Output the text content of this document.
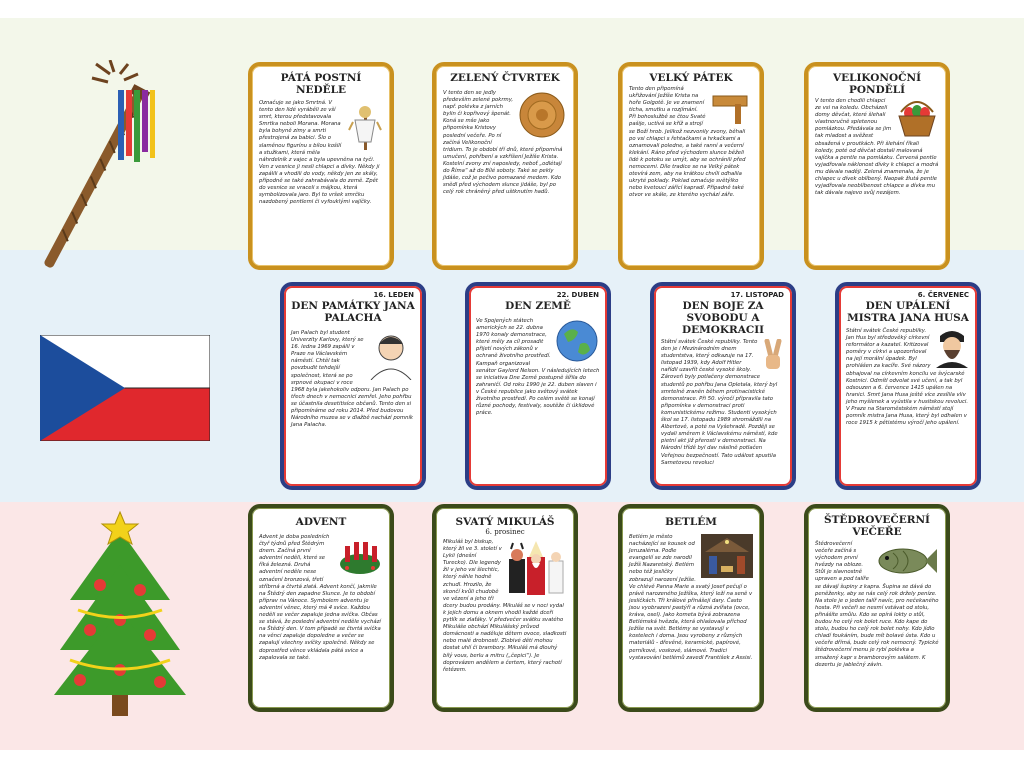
PÁTÁ POSTNÍ NEDĚLE
Označuje se jako Smrtná. V tento den lidé vyráběli ze vší smrt, kterou představovala Smrtka neboli Morana. Morana byla bohyně zimy a smrti přestrojená za babici. Šlo o slaměnou figurínu s bílou košilí a stužkami, která měla náhrdelník z vajec a byla upevněna na tyči. Ven z vesnice ji nesli chlapci a dívky. Někdy ji zapálili a vhodili do vody, někdy jen ze skály, přípodně se také zahrabávala do země. Zpět do vesnice se vraceli s májkou, která symbolizovala jaro. Byl to vršek smrčku nazdobený pentlemi či vyfouklými vajíčky.
ZELENÝ ČTVRTEK
V tento den se jedly především zelené pokrmy, např. polévka z jarních bylin či kopřivový špenát. Koná se mše jako připomínka Kristovy poslední večeře. Po ní začíná Velikonoční tridium. To je období tří dnů, které připomíná umučení, pohřbení a vzkříšení Ježíše Krista. Kostelní zvony zní naposledy, neboť „odlétají do Říma“ až do Bílé soboty. Také se pekly jidáše, což je pečivo pomazané medem. Kdo snědl před východem slunce jidáše, byl po celý rok chráněný před uštknutím hadů.
VELKÝ PÁTEK
Tento den připomíná ukřižování Ježíše Krista na hoře Golgotě. Je ve znamení ticha, smutku a rozjímání. Při bohoslužbě se čtou Svaté pašije, uctívá se kříž a strojí se Boží hrob. Jelikož nezvonily zvony, běhali po vsi chlapci s řehtačkami a hrkačkami a oznamovali poledne, a také ranní a večerní klekání. Ráno před východem slunce běželi lidé k potoku se umýt, aby se ochránili před nemocemi. Díle tradice se na Velký pátek otevírá zem, aby na krátkou chvíli odhalila ukryté poklady. Poklad označuje světýlko nebo kvetoucí zářící kapradí. Případně také otvor ve skále, ze kterého vychází záře.
VELIKONOČNÍ PONDĚLÍ
V tento den chodili chlapci ze vsi na koledu. Obcházeli domy děvčat, které šlehali vlastnoručně spletenou pomlázkou. Předávala se jim tak mladost a svěžest obsažená v proutkách. Při šlehání říkali koledy, poté od děvčat dostali malovaná vajíčka a pentle na pomlázku. Červená pentle vyjadřovala náklonost dívky k chlapci a modrá mu dávala naději. Zelená znamenala, že je chlapec u dívek oblíbený. Naopak žlutá pentle vyjadřovala neoblíbenost chlapce a dívka mu tak dávala najevo svůj nezájem.
16. LEDEN
DEN PAMÁTKY JANA PALACHA
Jan Palach byl student Univerzity Karlovy, který se 16. ledna 1969 zapálil v Praze na Václavském náměstí. Chtěl tak povzbudit tehdejší společnost, která se po srpnové okupaci v roce 1968 byla jakehokoliv odporu. Jan Palach po třech dnech v nemocnici zemřel. Jeho pohřbu se účastnila desetitisíce občanů. Tento den si připomínáme od roku 2014. Před budovou Národního muzea se v dlažbě nachází pomník Jana Palacha.
22. DUBEN
DEN ZEMĚ
Ve Spojených státech amerických se 22. dubna 1970 konaly demonstrace, které měly za cíl prosadit přijetí nových zákonů v ochraně životního prostředí. Kampaň organizoval senátor Gaylord Nelson. V následujících letech se iniciativa Dne Země postupně šířila do zahraničí. Od roku 1990 je 22. duben slaven i v České republice jako světový svátek životního prostředí. Po celém světě se konají různé pochody, festivaly, soutěže či úklidové práce.
17. LISTOPAD
DEN BOJE ZA SVOBODU A DEMOKRACII
Státní svátek České republiky. Tento den je i Mezinárodním dnem studentstva, který odkazuje na 17. listopad 1939, kdy Adolf Hitler nařídil uzavřít české vysoké školy. Zároveň byly potlačeny demonstrace studentů po pohřbu Jana Opletala, který byl smrtelně zraněn během protinacistické demonstrace. Při 50. výročí připravila tato připomínka v demonstraci proti komunistickému režimu. Studenti vysokých škol se 17. listopadu 1989 shromáždili na Albertově, a poté na Vyšehradě. Později se vydali směrem k Václavskému náměstí, kde pietní akt již přerostl v demonstraci. Na Národní třídě byl dav násilně potlačen Veřejnou bezpečností. Tato událost spustila Sametovou revoluci
6. ČERVENEC
DEN UPÁLENÍ MISTRA JANA HUSA
Státní svátek České republiky. Jan Hus byl středověký církevní reformátor a kazatel. Kritizoval poměry v církvi a upozorňoval na její morální úpadek. Byl prohlášen za kacíře. Své názory obhajoval na církevním koncilu ve švýcarské Kostnici. Odmítl odvolat své učení, a tak byl odsouzen a 6. července 1415 upálen na hranici. Smrt Jana Husa ještě více zesílila vliv jeho myšlenek a vyústila v husitskou revoluci. V Praze na Staroměstském náměstí stojí pomník mistra Jana Husa, který byl odhalen v roce 1915 k pětistému výročí jeho upálení.
ADVENT
Advent je doba posledních čtyř týdnů před Štědrým dnem. Začíná první adventní neděli, které se říká železná. Druhá adventní neděle nese označení bronzová, třetí stříbrná a čtvrtá zlatá. Advent končí, jakmile na Štědrý den zapadne Slunce. Je to období příprav na Vánoce. Symbolem adventu je adventní věnec, který má 4 svíce. Každou neděli se večer zapaluje jedna svíčka. Občas se stává, že poslední adventní neděle vychází na Štědrý den. V tom případě se čtvrtá svíčka na věnci zapaluje dopoledne a večer se zapalují všechny svíčky společně. Někdy se doprostřed věnce vkládala pátá svice a zapalovala se také.
SVATÝ MIKULÁŠ
6. prosinec
Mikuláš byl biskup, který žil ve 3. století v Lykii (dnešní Turecko). Dle legendy žil v jeho vsi šlechtic, který náhle hodně zchudl. Hrozilo, že skončí kvůli chudobě ve vězení a jeho tři dcery budou prodány. Mikuláš se v noci vydal k jejich domu a oknem vhodil každé dceři pytlík se zlaťáky. V předvečer svátku svatého Mikuláše obchází Mikulášský průvod domácnosti a naděluje dětem ovoce, sladkosti nebo malé drobnosti. Zlobivé děti mohou dostat uhlí či brambory. Mikuláš má dlouhý bílý vous, berlu a mitru („čepici“). Je doprovázen andělem a čertem, který rachotí řetězem.
BETLÉM
Betlém je město nacházející se kousek od Jeruzaléma. Podle evangelií se zde narodil Ježíš Nazaretský. Betlém nebo též jesličky zobrazují narození Ježíše. Ve chlévě Panna Marie a svatý Josef pečují o právě narozeného Ježíška, který leží na seně v jesličkách. Tři králové přinášejí dary. Často jsou vyobrazeni pastýři a různá zvířata (ovce, kráva, osel). Jako kometa bývá zobrazena Betlémská hvězda, která ohlašovala příchod Ježíše na svět. Betlémy se vystavují v kostelech i doma. Jsou vyrobeny z různých materiálů - dřevěné, keramické, papírové, perníkové, voskové, slámové. Tradici vystavování betlémů zavedl František z Assisi.
ŠTĚDROVEČERNÍ VEČEŘE
Štědrovečerní večeře začíná s východem první hvězdy na obloze. Stůl je slavnostně upraven a pod talíře se dávají šupiny z kapra. Šupina se dává do peněženky, aby se nás celý rok držely peníze. Na stole je o jeden talíř navíc, pro nečekaného hosta. Při večeři se nesmí vstávat od stolu, přinášíte smůlu. Kdo se opírá lokty o stůl, budou ho celý rok bolet ruce. Kdo kape do stolu, budou ho celý rok bolet nohy. Kdo jídlo chladí foukáním, bude mít bolavé ústa. Kdo u večeře dřímá, bude celý rok nemocný. Typické štědrovečerní menu je rybí polévka a smažený kapr s bramborovým salátem. K dezertu je jablečný závin.
